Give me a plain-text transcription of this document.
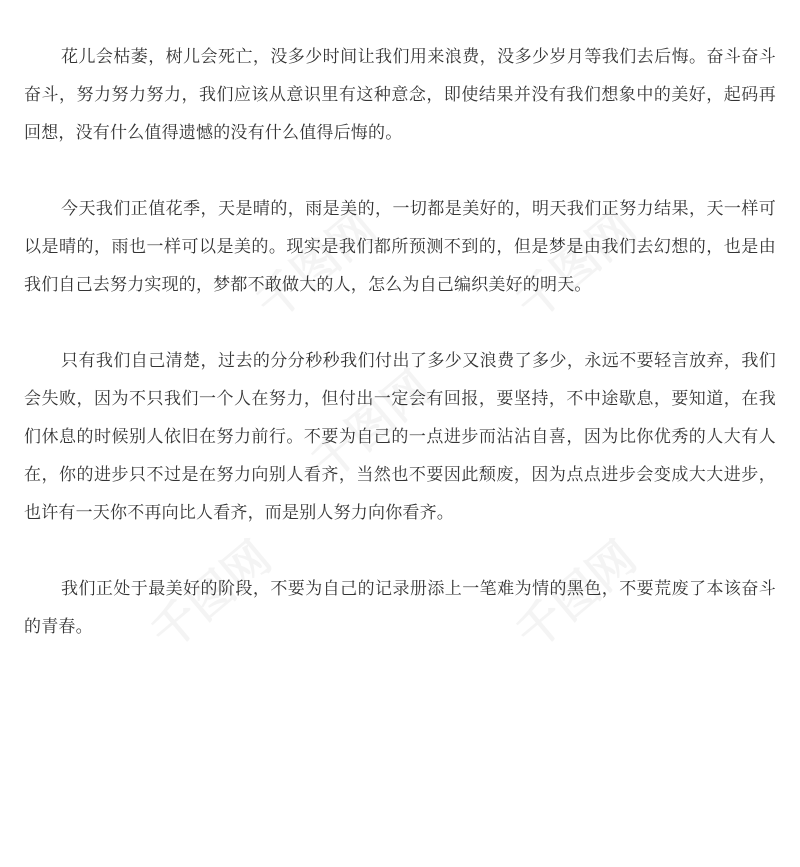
花儿会枯萎，树儿会死亡，没多少时间让我们用来浪费，没多少岁月等我们去后悔。奋斗奋斗奋斗，努力努力努力，我们应该从意识里有这种意念，即使结果并没有我们想象中的美好，起码再回想，没有什么值得遗憾的没有什么值得后悔的。

今天我们正值花季，天是晴的，雨是美的，一切都是美好的，明天我们正努力结果，天一样可以是晴的，雨也一样可以是美的。现实是我们都所预测不到的，但是梦是由我们去幻想的，也是由我们自己去努力实现的，梦都不敢做大的人，怎么为自己编织美好的明天。

只有我们自己清楚，过去的分分秒秒我们付出了多少又浪费了多少，永远不要轻言放弃，我们会失败，因为不只我们一个人在努力，但付出一定会有回报，要坚持，不中途歇息，要知道，在我们休息的时候别人依旧在努力前行。不要为自己的一点进步而沾沾自喜，因为比你优秀的人大有人在，你的进步只不过是在努力向别人看齐，当然也不要因此颓废，因为点点进步会变成大大进步，也许有一天你不再向比人看齐，而是别人努力向你看齐。

我们正处于最美好的阶段，不要为自己的记录册添上一笔难为情的黑色，不要荒废了本该奋斗的青春。
